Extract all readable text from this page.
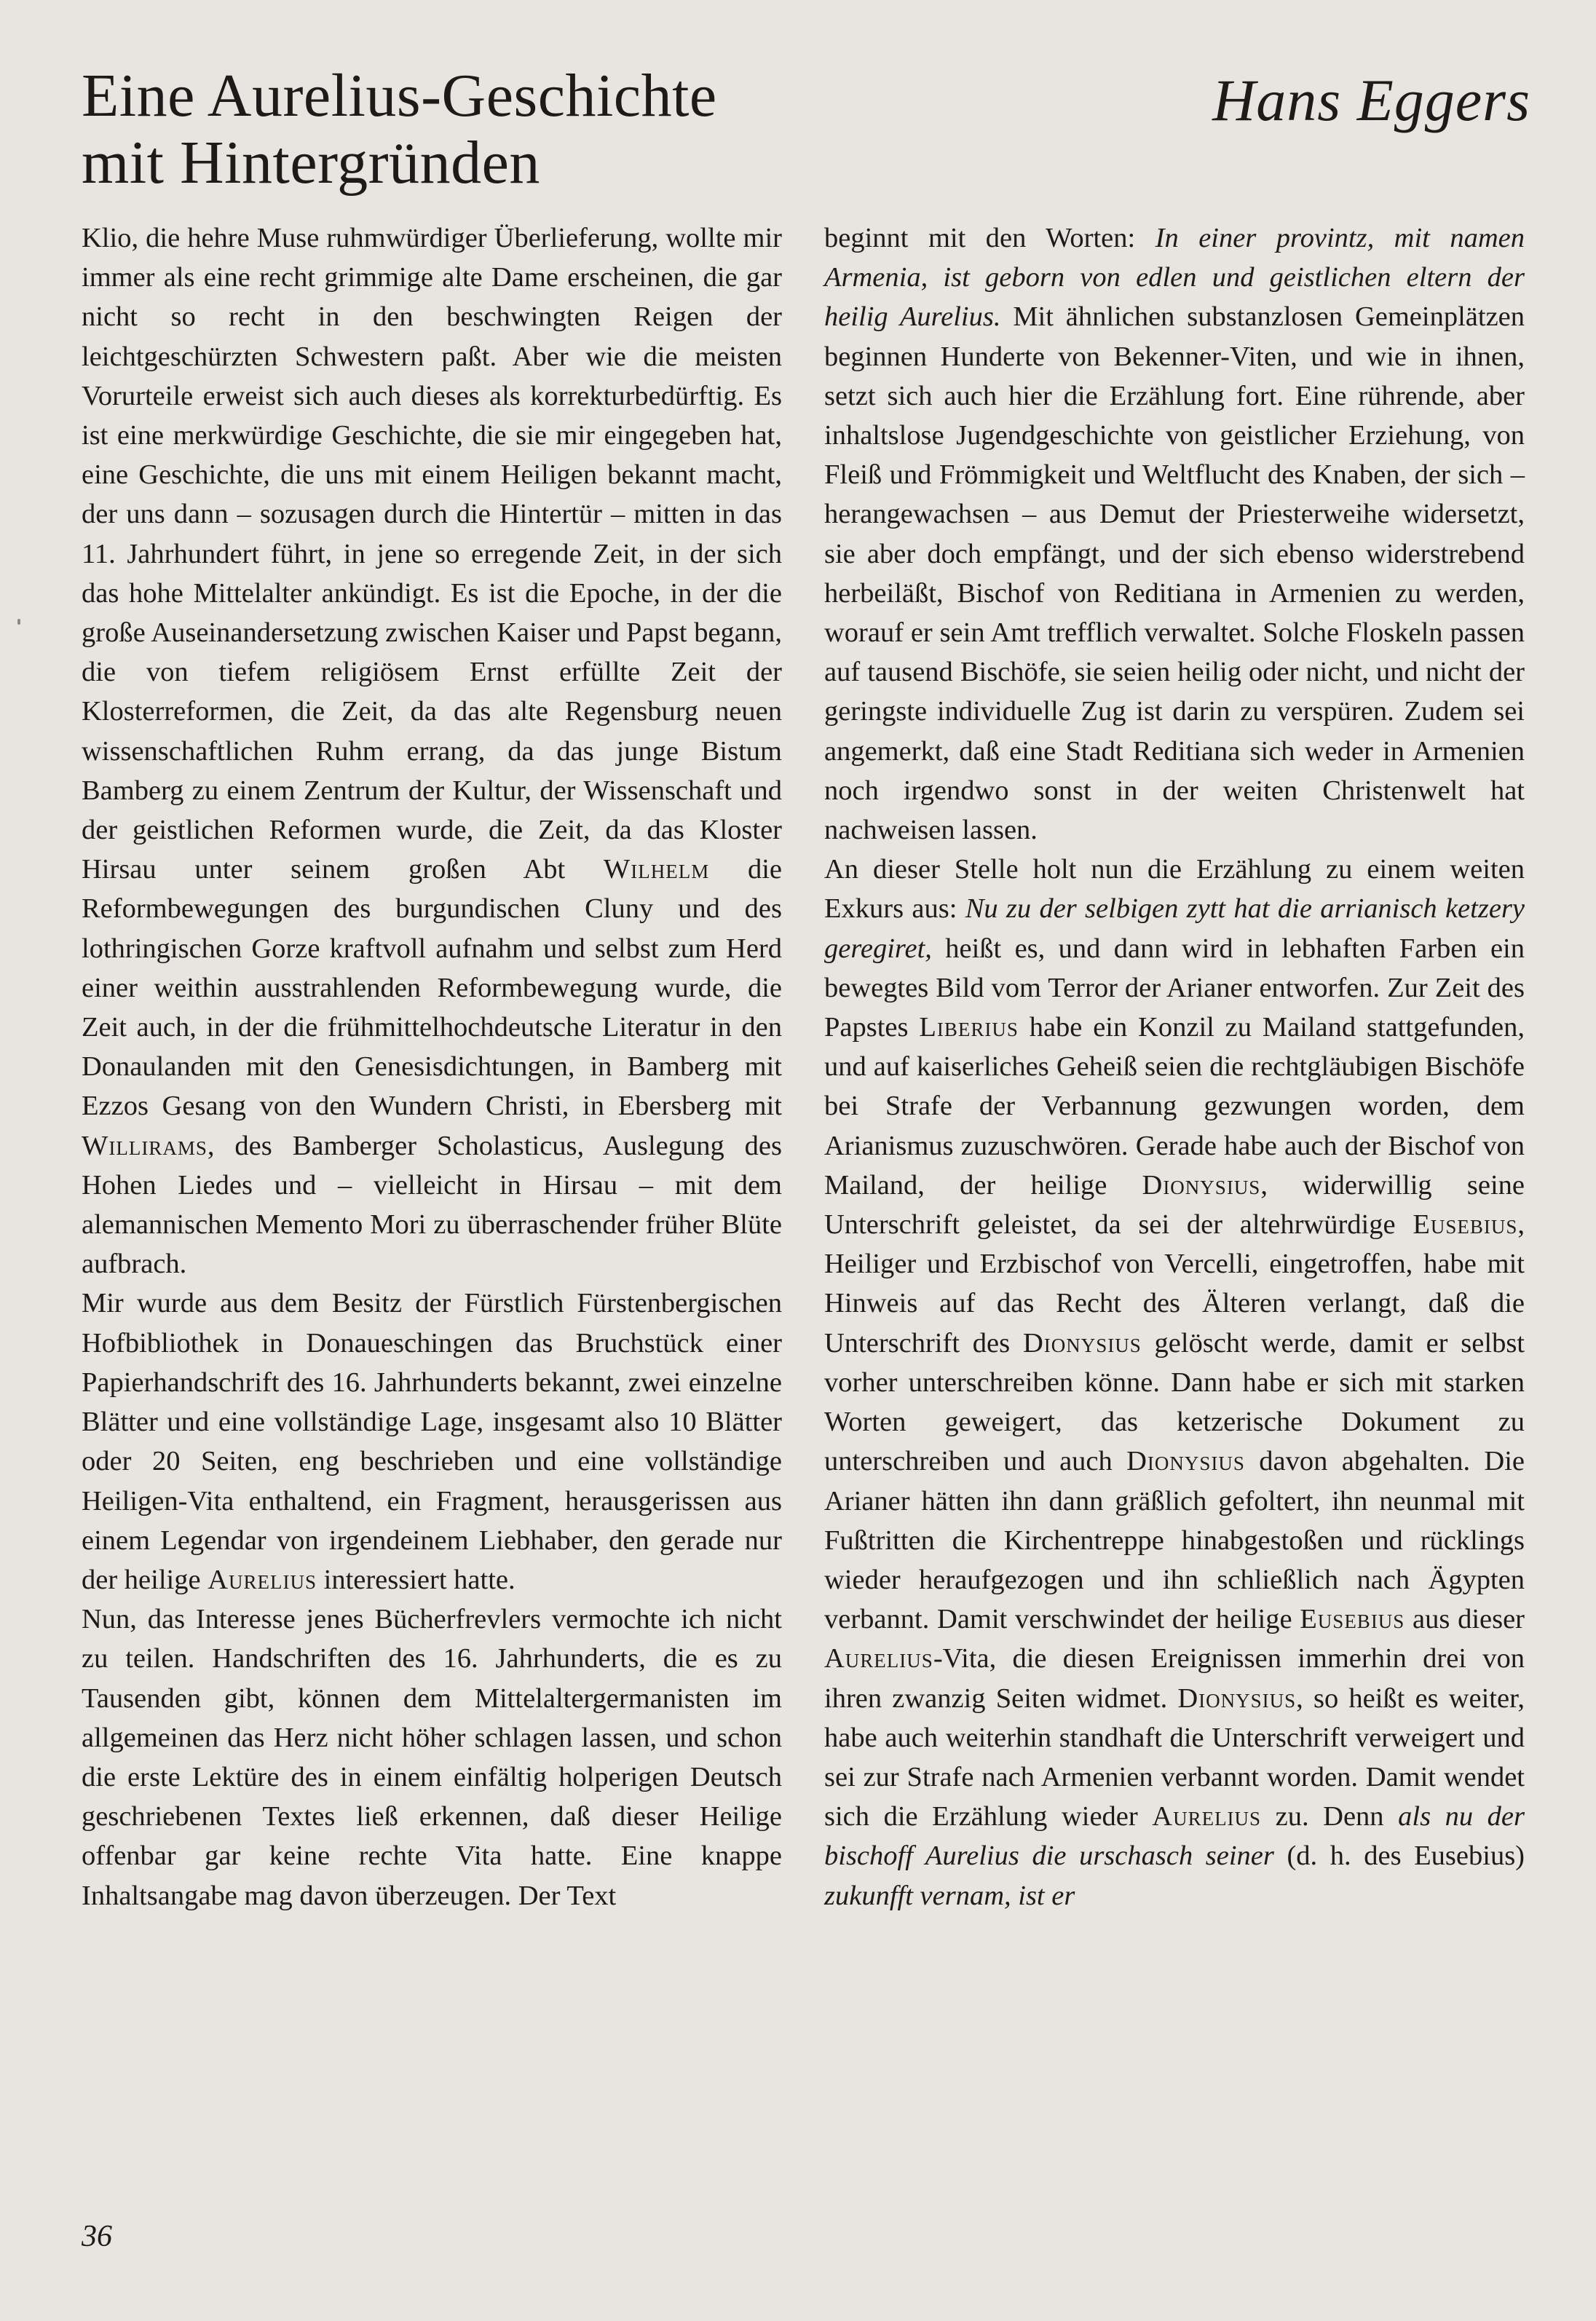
Eine Aurelius-Geschichte
mit Hintergründen
Hans Eggers

Klio, die hehre Muse ruhmwürdiger Überlieferung, wollte mir immer als eine recht grimmige alte Dame erscheinen, die gar nicht so recht in den beschwingten Reigen der leichtgeschürzten Schwestern paßt. Aber wie die meisten Vorurteile erweist sich auch dieses als korrekturbedürftig. Es ist eine merkwürdige Geschichte, die sie mir eingegeben hat, eine Geschichte, die uns mit einem Heiligen bekannt macht, der uns dann – sozusagen durch die Hintertür – mitten in das 11. Jahrhundert führt, in jene so erregende Zeit, in der sich das hohe Mittelalter ankündigt. Es ist die Epoche, in der die große Auseinandersetzung zwischen Kaiser und Papst begann, die von tiefem religiösem Ernst erfüllte Zeit der Klosterreformen, die Zeit, da das alte Regensburg neuen wissenschaftlichen Ruhm errang, da das junge Bistum Bamberg zu einem Zentrum der Kultur, der Wissenschaft und der geistlichen Reformen wurde, die Zeit, da das Kloster Hirsau unter seinem großen Abt Wilhelm die Reformbewegungen des burgundischen Cluny und des lothringischen Gorze kraftvoll aufnahm und selbst zum Herd einer weithin ausstrahlenden Reformbewegung wurde, die Zeit auch, in der die frühmittelhochdeutsche Literatur in den Donaulanden mit den Genesisdichtungen, in Bamberg mit Ezzos Gesang von den Wundern Christi, in Ebersberg mit Willirams, des Bamberger Scholasticus, Auslegung des Hohen Liedes und – vielleicht in Hirsau – mit dem alemannischen Memento Mori zu überraschender früher Blüte aufbrach.

Mir wurde aus dem Besitz der Fürstlich Fürstenbergischen Hofbibliothek in Donaueschingen das Bruchstück einer Papierhandschrift des 16. Jahrhunderts bekannt, zwei einzelne Blätter und eine vollständige Lage, insgesamt also 10 Blätter oder 20 Seiten, eng beschrieben und eine vollständige Heiligen-Vita enthaltend, ein Fragment, herausgerissen aus einem Legendar von irgendeinem Liebhaber, den gerade nur der heilige Aurelius interessiert hatte.

Nun, das Interesse jenes Bücherfrevlers vermochte ich nicht zu teilen. Handschriften des 16. Jahrhunderts, die es zu Tausenden gibt, können dem Mittelaltergermanisten im allgemeinen das Herz nicht höher schlagen lassen, und schon die erste Lektüre des in einem einfältig holperigen Deutsch geschriebenen Textes ließ erkennen, daß dieser Heilige offenbar gar keine rechte Vita hatte. Eine knappe Inhaltsangabe mag davon überzeugen. Der Text

beginnt mit den Worten: In einer provintz, mit namen Armenia, ist geborn von edlen und geistlichen eltern der heilig Aurelius. Mit ähnlichen substanzlosen Gemeinplätzen beginnen Hunderte von Bekenner-Viten, und wie in ihnen, setzt sich auch hier die Erzählung fort. Eine rührende, aber inhaltslose Jugendgeschichte von geistlicher Erziehung, von Fleiß und Frömmigkeit und Weltflucht des Knaben, der sich – herangewachsen – aus Demut der Priesterweihe widersetzt, sie aber doch empfängt, und der sich ebenso widerstrebend herbeiläßt, Bischof von Reditiana in Armenien zu werden, worauf er sein Amt trefflich verwaltet. Solche Floskeln passen auf tausend Bischöfe, sie seien heilig oder nicht, und nicht der geringste individuelle Zug ist darin zu verspüren. Zudem sei angemerkt, daß eine Stadt Reditiana sich weder in Armenien noch irgendwo sonst in der weiten Christenwelt hat nachweisen lassen.

An dieser Stelle holt nun die Erzählung zu einem weiten Exkurs aus: Nu zu der selbigen zytt hat die arrianisch ketzery geregiret, heißt es, und dann wird in lebhaften Farben ein bewegtes Bild vom Terror der Arianer entworfen. Zur Zeit des Papstes Liberius habe ein Konzil zu Mailand stattgefunden, und auf kaiserliches Geheiß seien die rechtgläubigen Bischöfe bei Strafe der Verbannung gezwungen worden, dem Arianismus zuzuschwören. Gerade habe auch der Bischof von Mailand, der heilige Dionysius, widerwillig seine Unterschrift geleistet, da sei der altehrwürdige Eusebius, Heiliger und Erzbischof von Vercelli, eingetroffen, habe mit Hinweis auf das Recht des Älteren verlangt, daß die Unterschrift des Dionysius gelöscht werde, damit er selbst vorher unterschreiben könne. Dann habe er sich mit starken Worten geweigert, das ketzerische Dokument zu unterschreiben und auch Dionysius davon abgehalten. Die Arianer hätten ihn dann gräßlich gefoltert, ihn neunmal mit Fußtritten die Kirchentreppe hinabgestoßen und rücklings wieder heraufgezogen und ihn schließlich nach Ägypten verbannt. Damit verschwindet der heilige Eusebius aus dieser Aurelius-Vita, die diesen Ereignissen immerhin drei von ihren zwanzig Seiten widmet. Dionysius, so heißt es weiter, habe auch weiterhin standhaft die Unterschrift verweigert und sei zur Strafe nach Armenien verbannt worden. Damit wendet sich die Erzählung wieder Aurelius zu. Denn als nu der bischoff Aurelius die urschasch seiner (d. h. des Eusebius) zukunfft vernam, ist er

36
